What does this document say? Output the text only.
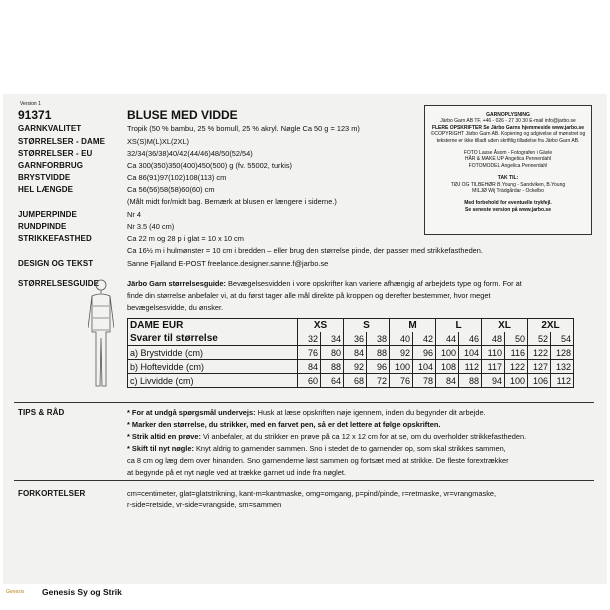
Version 1
91371	BLUSE MED VIDDE
GARNKVALITET	Tropik (50 % bambu, 25 % bomull, 25 % akryl. Nøgle Ca 50 g = 123 m)
STØRRELSER - DAME	XS(S)M(L)XL(2XL)
STØRRELSER - EU	32/34(36/38)40/42(44/46)48/50(52/54)
GARNFORBRUG	Ca 300(350)350(400)450(500) g (fv. 55002, turkis)
BRYSTVIDDE	Ca 86(91)97(102)108(113) cm
HEL LÆNGDE	Ca 56(56)58(58)60(60) cm
(Målt midt for/midt bag. Bemærk at blusen er længere i siderne.)
JUMPERPINDE	Nr 4
RUNDPINDE	Nr 3.5 (40 cm)
STRIKKEFASTHED	Ca 22 m og 28 p i glat = 10 x 10 cm
Ca 16½ m i hulmønster = 10 cm i bredden – eller brug den størrelse pinde, der passer med strikkefastheden.
DESIGN OG TEKST	Sanne Fjalland E-POST freelance.designer.sanne.f@jarbo.se
GARNOPLYSNING
Järbo Garn AB TF. +46 - 026 - 27 30 30 E-mail info@jarbo.se
FLERE OPSKRIFTER Se Järbo Garns hjemmeside www.jarbo.se
©COPYRIGHT Järbo Garn AB. Kopiering og udgivelse af mønstret og
teksterne er ikke tilladt uden skriftlig tilladelse fra Järbo Garn AB.
FOTO Lasse Åsom - Fotografen i Gävle
HÅR & MAKE UP Angelica Pennerdahl
FOTOMODEL Angelica Pennerdahl
TAK TIL:
TØJ OG TILBEHØR B.Young - Sandviken, B.Young
MILJØ Wij Trädgårdar - Ockelbo
Med forbehold for eventuelle trykfejl.
Se seneste version på www.jarbo.se
STØRRELSESGUIDE	Järbo Garn størrelsesguide: Bevægelsesvidden i vore opskrifter kan variere afhængig af arbejdets type og form. For at
finde din størrelse anbefaler vi, at du først tager alle mål direkte på kroppen og derefter bestemmer, hvor meget
bevægelsesvidde, du ønsker.
DAME EUR	XS		S		M		L		XL		2XL	
Svarer til størrelse	32	34	36	38	40	42	44	46	48	50	52	54
a) Brystvidde (cm)	76	80	84	88	92	96	100	104	110	116	122	128
b) Hoftevidde (cm)	84	88	92	96	100	104	108	112	117	122	127	132
c) Livvidde (cm)	60	64	68	72	76	78	84	88	94	100	106	112
TIPS & RÅD	* For at undgå spørgsmål undervejs: Husk at læse opskriften nøje igennem, inden du begynder dit arbejde.
* Marker den størrelse, du strikker, med en farvet pen, så er det lettere at følge opskriften.
* Strik altid en prøve: Vi anbefaler, at du strikker en prøve på ca 12 x 12 cm for at se, om du overholder strikkefastheden.
* Skift til nyt nøgle: Knyt aldrig to garnender sammen. Sno i stedet de to garnender op, som skal strikkes sammen,
ca 8 cm og læg dem over hinanden. Sno garnenderne løst sammen og fortsæt med at strikke. De fleste forextrækker
at begynde på et nyt nøgle ved at trække garnet ud inde fra nøglet.
FORKORTELSER	cm=centimeter, glat=glatstrikning, kant-m=kantmaske, omg=omgang, p=pind/pinde, r=retmaske, vr=vrangmaske,
r-side=retside, vr-side=vrangside, sm=sammen
Genesis Genesis Sy og Strik
